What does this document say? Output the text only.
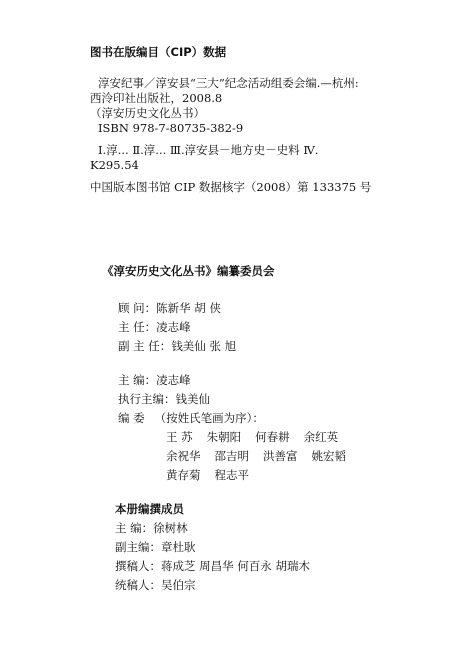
图书在版编目（CIP）数据
淳安纪事／淳安县“三大”纪念活动组委会编.—杭州:
西泠印社出版社，2008.8
（淳安历史文化丛书）
ISBN 978-7-80735-382-9
Ⅰ.淳... Ⅱ.淳... Ⅲ.淳安县－地方史－史料 Ⅳ.
K295.54
中国版本图书馆 CIP 数据核字（2008）第 133375 号
《淳安历史文化丛书》编纂委员会
顾 问：陈新华 胡 侠
主 任：凌志峰
副 主 任：钱美仙 张 旭
主 编：凌志峰
执行主编：钱美仙
编 委 （按姓氏笔画为序）：
王 苏 朱朝阳 何春耕 余红英
余祝华 邵吉明 洪善富 姚宏韬
黄存菊 程志平
本册编撰成员
主 编：徐树林
副主编：章杜耿
撰稿人：蒋成芝 周昌华 何百永 胡瑞木
统稿人：吴伯宗
